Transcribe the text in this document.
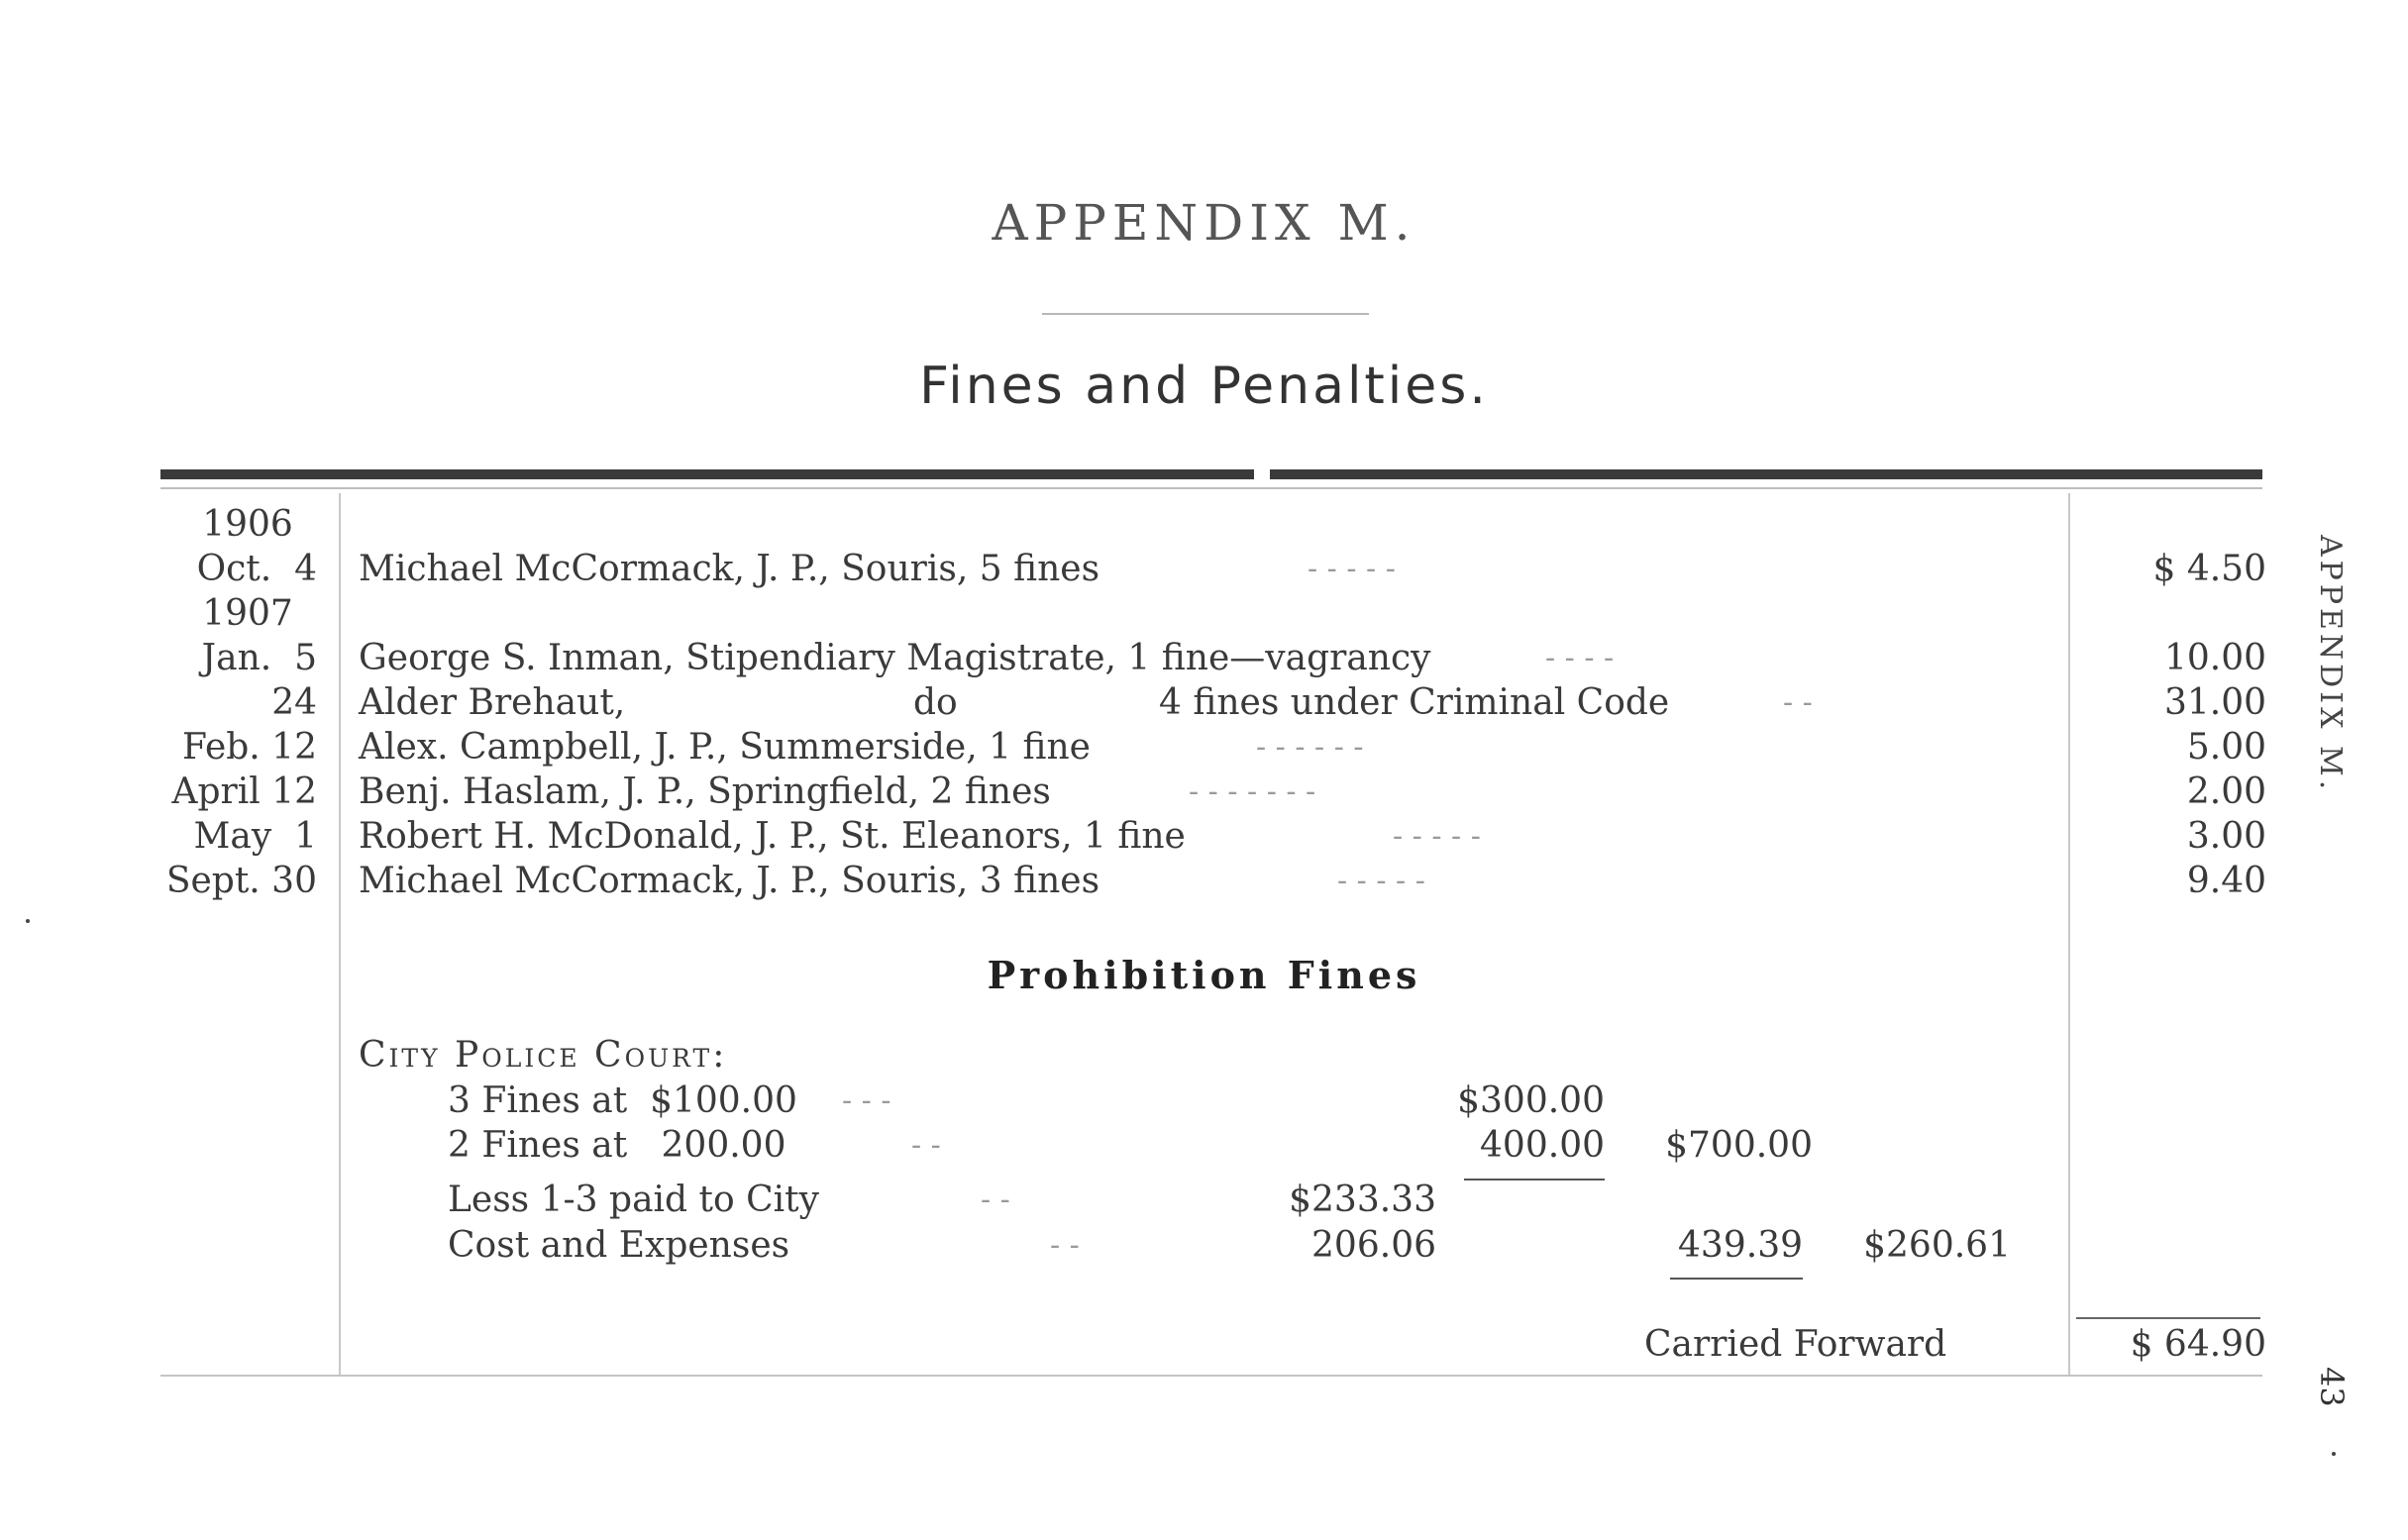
APPENDIX M.
Fines and Penalties.
1906
Oct.  4 Michael McCormack, J. P., Souris, 5 fines	- - - - -	$ 4.50
1907
Jan.  5 George S. Inman, Stipendiary Magistrate, 1 fine—vagrancy	- - - -	10.00
24 Alder Brehaut,	do	4 fines under Criminal Code	- -	31.00
Feb. 12 Alex. Campbell, J. P., Summerside, 1 fine	- - - - - -	5.00
April 12 Benj. Haslam, J. P., Springfield, 2 fines	- - - - - - -	2.00
May  1 Robert H. McDonald, J. P., St. Eleanors, 1 fine	- - - - -	3.00
Sept. 30 Michael McCormack, J. P., Souris, 3 fines	- - - - -	9.40
Prohibition Fines
City Police Court:
3 Fines at  $100.00 - - -	$300.00
2 Fines at   200.00	- -	400.00	$700.00
Less 1-3 paid to City	- -	$233.33
Cost and Expenses	- -	206.06	439.39	$260.61
Carried Forward	$ 64.90
APPENDIX M.
43
